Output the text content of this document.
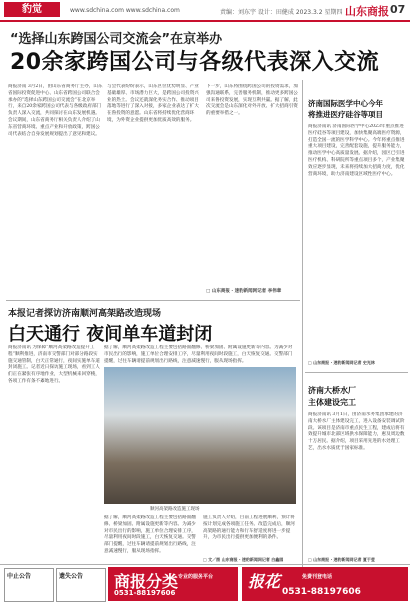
豹觉	www.sdchina.com www.sdchina.com	责编：刘东宇 设计：田健成 2023.3.2 星期四 山东商报 07
“选择山东跨国公司交流会”在京举办
20余家跨国公司与各级代表深入交流
商报济南 3月2日，由山东省商务厅主办，山东省国际投资促进中心、山东省跨国公司联合会承办的“选择山东跨国公司交流会”在北京举行，来自20余家跨国公司代表与各级政府部门负责人深入交流，共同探讨在山东发展机遇。会议期间，山东省商务厅相关负责人介绍了山东省营商环境、重点产业和开放政策，跨国公司代表结合自身发展规划提出了意见和建议。
与会代表纷纷表示，山东区位优势明显、产业基础雄厚、市场潜力巨大，是跨国公司投资兴业的热土。会议还就深化务实合作、推动项目落地等进行了深入对接，多家企业表达了扩大在鲁投资的意愿。山东省将持续优化营商环境，为外资企业提供更加优质高效的服务。
下一步，山东将围绕跨国公司的投资需求，加强沟通联系，完善服务机制，推动更多跨国公司来鲁投资发展，实现互利共赢。据了解，此次交流会是山东深化对外开放、扩大招商引资的重要举措之一。
□ 山东商报 · 速豹新闻网记者 李伟章
济南国际医学中心今年
将推进医疗硅谷等项目
商报济南讯 济南国际医学中心2023年重点推进医疗硅谷等项目建设，加快集聚高端医疗资源，打造全国一流的医学科学中心。今年将重点推进重大项目建设，完善配套设施，提升服务能力，推动医学中心高质量发展。据介绍，园区已引进医疗机构、科研院所等重点项目多个，产业集聚效应逐步显现，未来将持续加大招商力度，优化营商环境，助力济南建设区域性医疗中心。
□ 山东商报 · 速豹新闻网记者 史光林
本报记者探访济南顺河高架路改造现场
白天通行 夜间单车道封闭
商报济南讯 为保障“顺河高架路改造提升工程”顺利推进，济南市交警部门对部分路段实施交通管制，白天正常通行，夜间实施单车道封闭施工。记者近日探访施工现场，看到工人们正在紧张有序地作业，大型机械来回穿梭，各项工作有条不紊地进行。
据了解，顺河高架路改造工程主要包括路面翻修、桥梁加固、附属设施更新等内容。为减少对市民出行的影响，施工单位合理安排工序，尽量利用夜间时段施工，白天恢复交通。交警部门提醒，过往车辆请提前规划出行路线，注意减速慢行，服从现场指挥。
顺河高架路改造施工现场
据了解，顺河高架路改造工程主要包括路面翻修、桥梁加固、附属设施更新等内容。为减少对市民出行的影响，施工单位合理安排工序，尽量利用夜间时段施工，白天恢复交通。交警部门提醒，过往车辆请提前规划出行路线，注意减速慢行，服从现场指挥。
施工负责人介绍，目前工程进展顺利，预计将按计划完成各项施工任务。改造完成后，顺河高架路的通行能力和行车舒适度将进一步提升，为市民出行提供更加便利的条件。
□ 文／图 山东商报 · 速豹新闻网记者 白鑫园
济南大桥水厂
主体建设完工
商报济南讯 3月1日，由济南水务集团承建的济南大桥水厂主体建设完工，进入设备安装调试阶段。该项目是济南市重点民生工程，建成后将有效提升城市北部区域供水保障能力，惠及周边数十万居民。据介绍，项目采用先进的水处理工艺，出水水质优于国家标准。
□ 山东商报 · 速豹新闻网记者 夏于莹
中止公告	遗失公告	商报分类 专业的服务平台
0531-88197606
报花	免费刊登电话
0531-88197606
